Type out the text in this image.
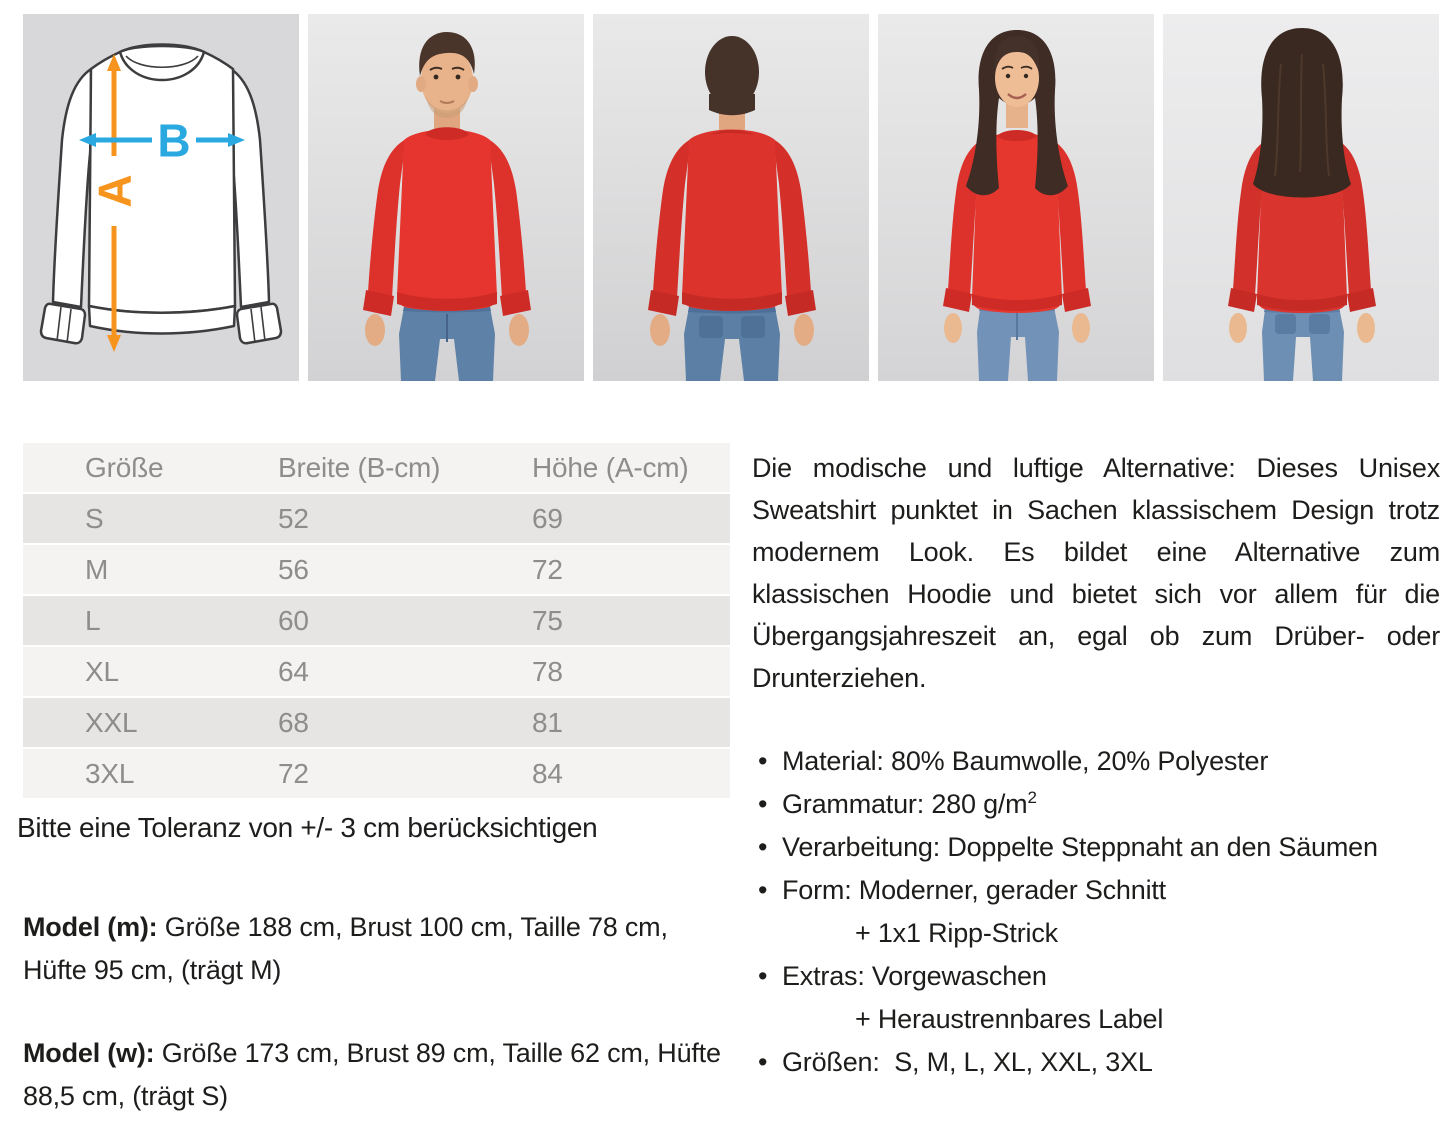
A
B
Größe	Breite (B-cm)	Höhe (A-cm)
S	52	69
M	56	72
L	60	75
XL	64	78
XXL	68	81
3XL	72	84
Bitte eine Toleranz von +/- 3 cm berücksichtigen

Model (m): Größe 188 cm, Brust 100 cm, Taille 78 cm, Hüfte 95 cm, (trägt M)

Model (w): Größe 173 cm, Brust 89 cm, Taille 62 cm, Hüfte 88,5 cm, (trägt S)

Die modische und luftige Alternative: Dieses Unisex Sweatshirt punktet in Sachen klassischem Design trotz modernem Look. Es bildet eine Alternative zum klassischen Hoodie und bietet sich vor allem für die Übergangsjahreszeit an, egal ob zum Drüber- oder Drunterziehen.

• Material: 80% Baumwolle, 20% Polyester
• Grammatur: 280 $g/m^2$
• Verarbeitung: Doppelte Steppnaht an den Säumen
• Form: Moderner, gerader Schnitt
+ 1x1 Ripp-Strick
• Extras: Vorgewaschen
+ Heraustrennbares Label
• Größen:  S, M, L, XL, XXL, 3XL
